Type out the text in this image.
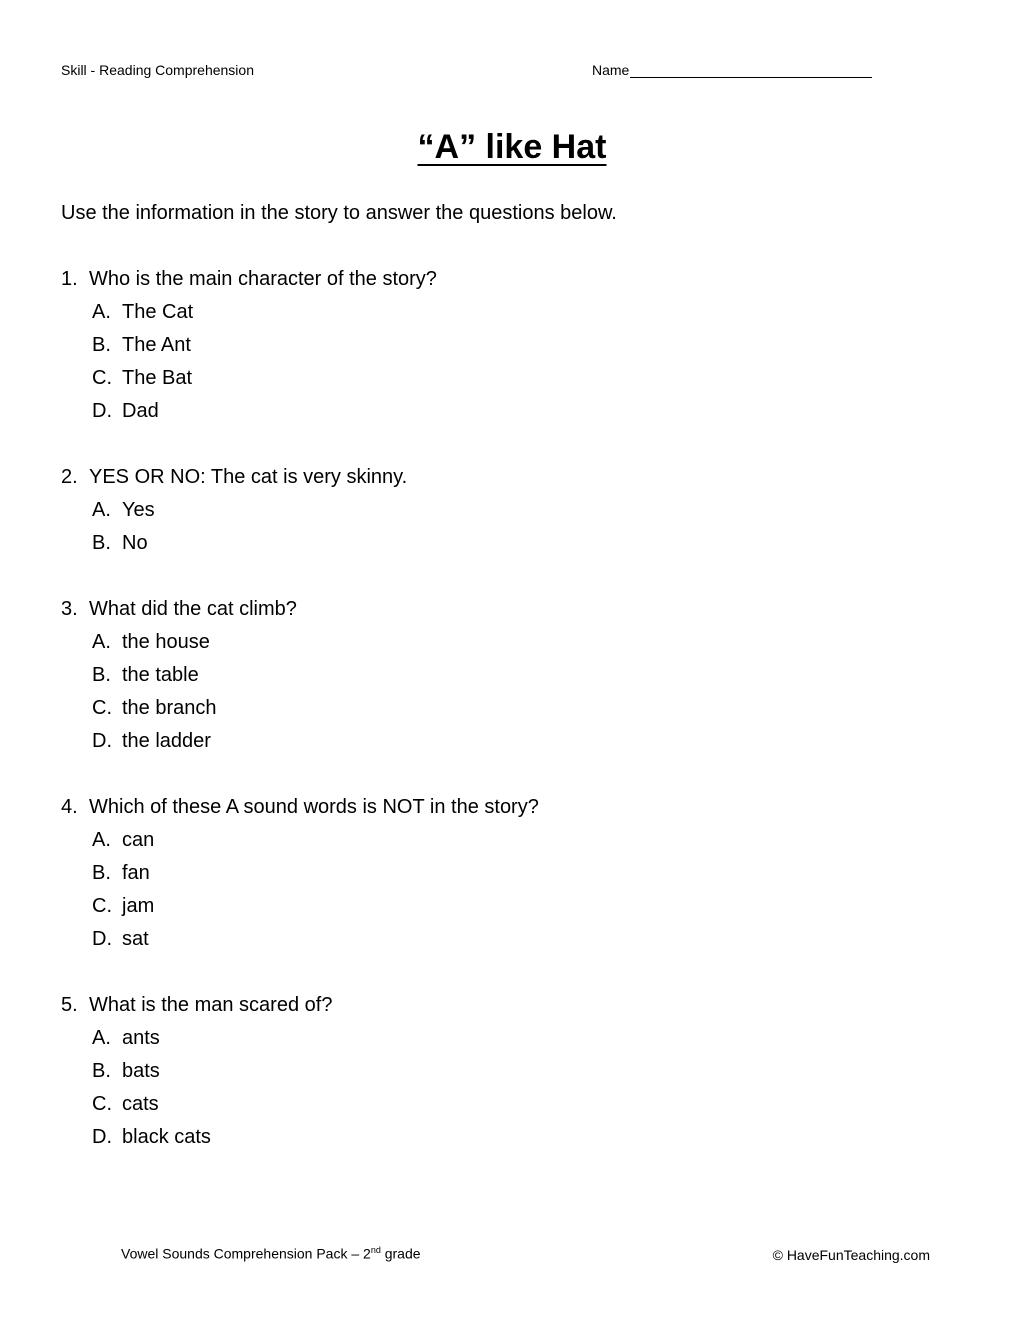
Skill - Reading Comprehension	Name
“A” like Hat
Use the information in the story to answer the questions below.
1. Who is the main character of the story?
A. The Cat
B. The Ant
C. The Bat
D. Dad
2. YES OR NO: The cat is very skinny.
A. Yes
B. No
3. What did the cat climb?
A. the house
B. the table
C. the branch
D. the ladder
4. Which of these A sound words is NOT in the story?
A. can
B. fan
C. jam
D. sat
5. What is the man scared of?
A. ants
B. bats
C. cats
D. black cats
Vowel Sounds Comprehension Pack – 2nd grade	© HaveFunTeaching.com
